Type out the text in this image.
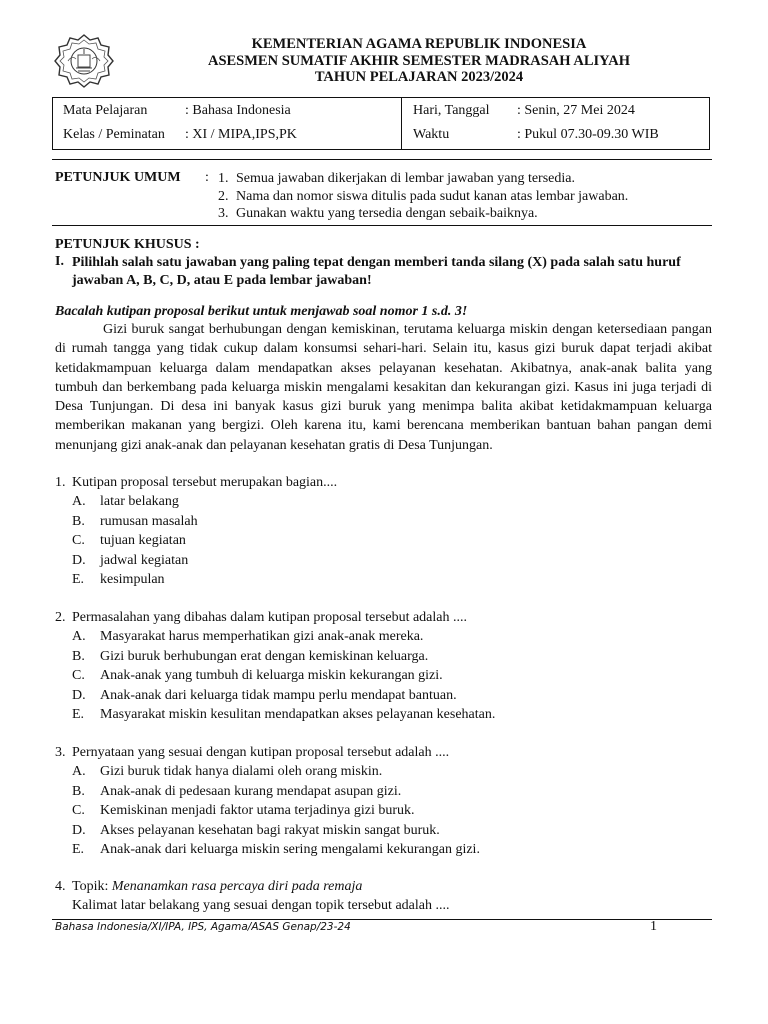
KEMENTERIAN AGAMA REPUBLIK INDONESIA
ASESMEN SUMATIF AKHIR SEMESTER MADRASAH ALIYAH
TAHUN PELAJARAN 2023/2024
Mata Pelajaran	: Bahasa Indonesia
Kelas / Peminatan : XI / MIPA,IPS,PK
Hari, Tanggal : Senin, 27 Mei 2024
Waktu	: Pukul 07.30-09.30 WIB
PETUNJUK UMUM : 1. Semua jawaban dikerjakan di lembar jawaban yang tersedia.
2. Nama dan nomor siswa ditulis pada sudut kanan atas lembar jawaban.
3. Gunakan waktu yang tersedia dengan sebaik-baiknya.
PETUNJUK KHUSUS :
I. Pilihlah salah satu jawaban yang paling tepat dengan memberi tanda silang (X) pada salah satu huruf jawaban A, B, C, D, atau E pada lembar jawaban!
Bacalah kutipan proposal berikut untuk menjawab soal nomor 1 s.d. 3!

Gizi buruk sangat berhubungan dengan kemiskinan, terutama keluarga miskin dengan ketersediaan pangan di rumah tangga yang tidak cukup dalam konsumsi sehari-hari. Selain itu, kasus gizi buruk dapat terjadi akibat ketidakmampuan keluarga dalam mendapatkan akses pelayanan kesehatan. Akibatnya, anak-anak balita yang tumbuh dan berkembang pada keluarga miskin mengalami kesakitan dan kekurangan gizi. Kasus ini juga terjadi di Desa Tunjungan. Di desa ini banyak kasus gizi buruk yang menimpa balita akibat ketidakmampuan keluarga memberikan makanan yang bergizi. Oleh karena itu, kami berencana memberikan bantuan bahan pangan demi menunjang gizi anak-anak dan pelayanan kesehatan gratis di Desa Tunjungan.

1. Kutipan proposal tersebut merupakan bagian....
A. latar belakang
B. rumusan masalah
C. tujuan kegiatan
D. jadwal kegiatan
E. kesimpulan
2. Permasalahan yang dibahas dalam kutipan proposal tersebut adalah ....
A. Masyarakat harus memperhatikan gizi anak-anak mereka.
B. Gizi buruk berhubungan erat dengan kemiskinan keluarga.
C. Anak-anak yang tumbuh di keluarga miskin kekurangan gizi.
D. Anak-anak dari keluarga tidak mampu perlu mendapat bantuan.
E. Masyarakat miskin kesulitan mendapatkan akses pelayanan kesehatan.
3. Pernyataan yang sesuai dengan kutipan proposal tersebut adalah ....
A. Gizi buruk tidak hanya dialami oleh orang miskin.
B. Anak-anak di pedesaan kurang mendapat asupan gizi.
C. Kemiskinan menjadi faktor utama terjadinya gizi buruk.
D. Akses pelayanan kesehatan bagi rakyat miskin sangat buruk.
E. Anak-anak dari keluarga miskin sering mengalami kekurangan gizi.
4. Topik: Menanamkan rasa percaya diri pada remaja
Kalimat latar belakang yang sesuai dengan topik tersebut adalah ....
Bahasa Indonesia/XI/IPA, IPS, Agama/ASAS Genap/23-24	1
